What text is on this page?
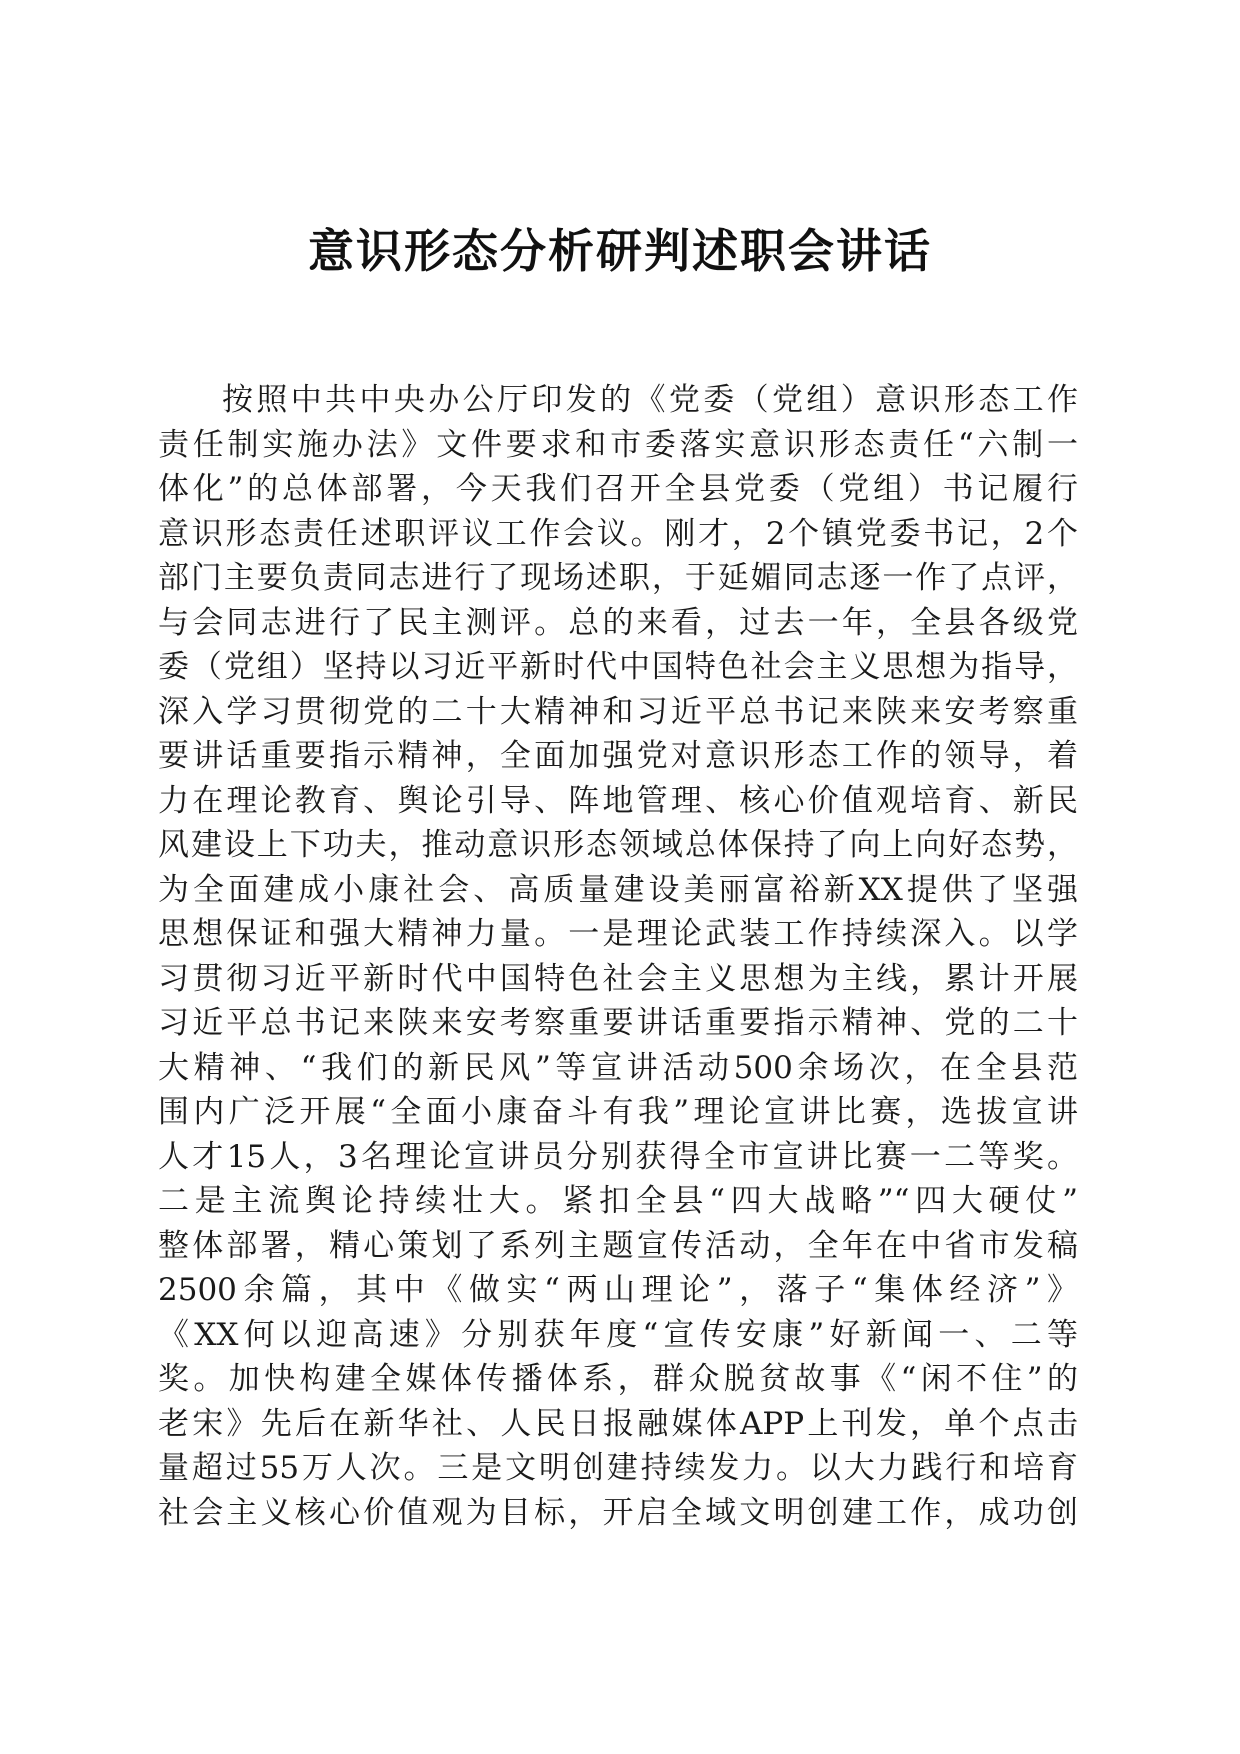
意识形态分析研判述职会讲话
按照中共中央办公厅印发的《党委（党组）意识形态工作
责任制实施办法》文件要求和市委落实意识形态责任“六制一
体化”的总体部署，今天我们召开全县党委（党组）书记履行
意识形态责任述职评议工作会议。刚才，2个镇党委书记，2个
部门主要负责同志进行了现场述职，于延媚同志逐一作了点评，
与会同志进行了民主测评。总的来看，过去一年，全县各级党
委（党组）坚持以习近平新时代中国特色社会主义思想为指导，
深入学习贯彻党的二十大精神和习近平总书记来陕来安考察重
要讲话重要指示精神，全面加强党对意识形态工作的领导，着
力在理论教育、舆论引导、阵地管理、核心价值观培育、新民
风建设上下功夫，推动意识形态领域总体保持了向上向好态势，
为全面建成小康社会、高质量建设美丽富裕新XX提供了坚强
思想保证和强大精神力量。一是理论武装工作持续深入。以学
习贯彻习近平新时代中国特色社会主义思想为主线，累计开展
习近平总书记来陕来安考察重要讲话重要指示精神、党的二十
大精神、“我们的新民风”等宣讲活动500余场次，在全县范
围内广泛开展“全面小康奋斗有我”理论宣讲比赛，选拔宣讲
人才15人，3名理论宣讲员分别获得全市宣讲比赛一二等奖。
二是主流舆论持续壮大。紧扣全县“四大战略”“四大硬仗”
整体部署，精心策划了系列主题宣传活动，全年在中省市发稿
2500余篇，其中《做实“两山理论”，落子“集体经济”》
《XX何以迎高速》分别获年度“宣传安康”好新闻一、二等
奖。加快构建全媒体传播体系，群众脱贫故事《“闲不住”的
老宋》先后在新华社、人民日报融媒体APP上刊发，单个点击
量超过55万人次。三是文明创建持续发力。以大力践行和培育
社会主义核心价值观为目标，开启全域文明创建工作，成功创
